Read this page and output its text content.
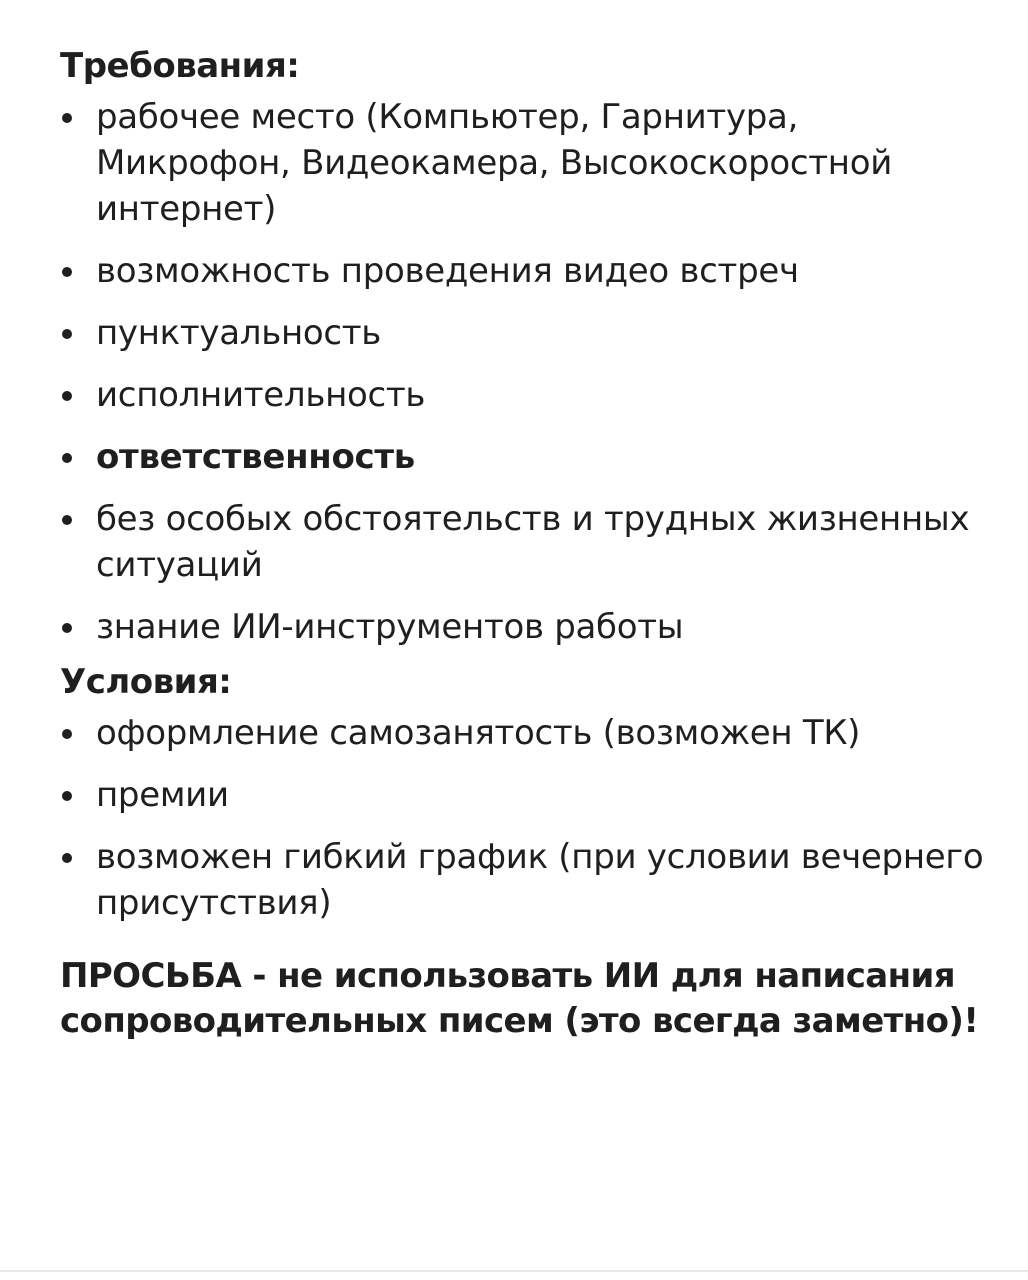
Требования:

рабочее место (Компьютер, Гарнитура, Микрофон, Видеокамера, Высокоскоростной интернет)
возможность проведения видео встреч
пунктуальность
исполнительность
ответственность
без особых обстоятельств и трудных жизненных ситуаций
знание ИИ-инструментов работы

Условия:

оформление самозанятость (возможен ТК)
премии
возможен гибкий график (при условии вечернего присутствия)
ПРОСЬБА - не использовать ИИ для написания сопроводительных писем (это всегда заметно)!
